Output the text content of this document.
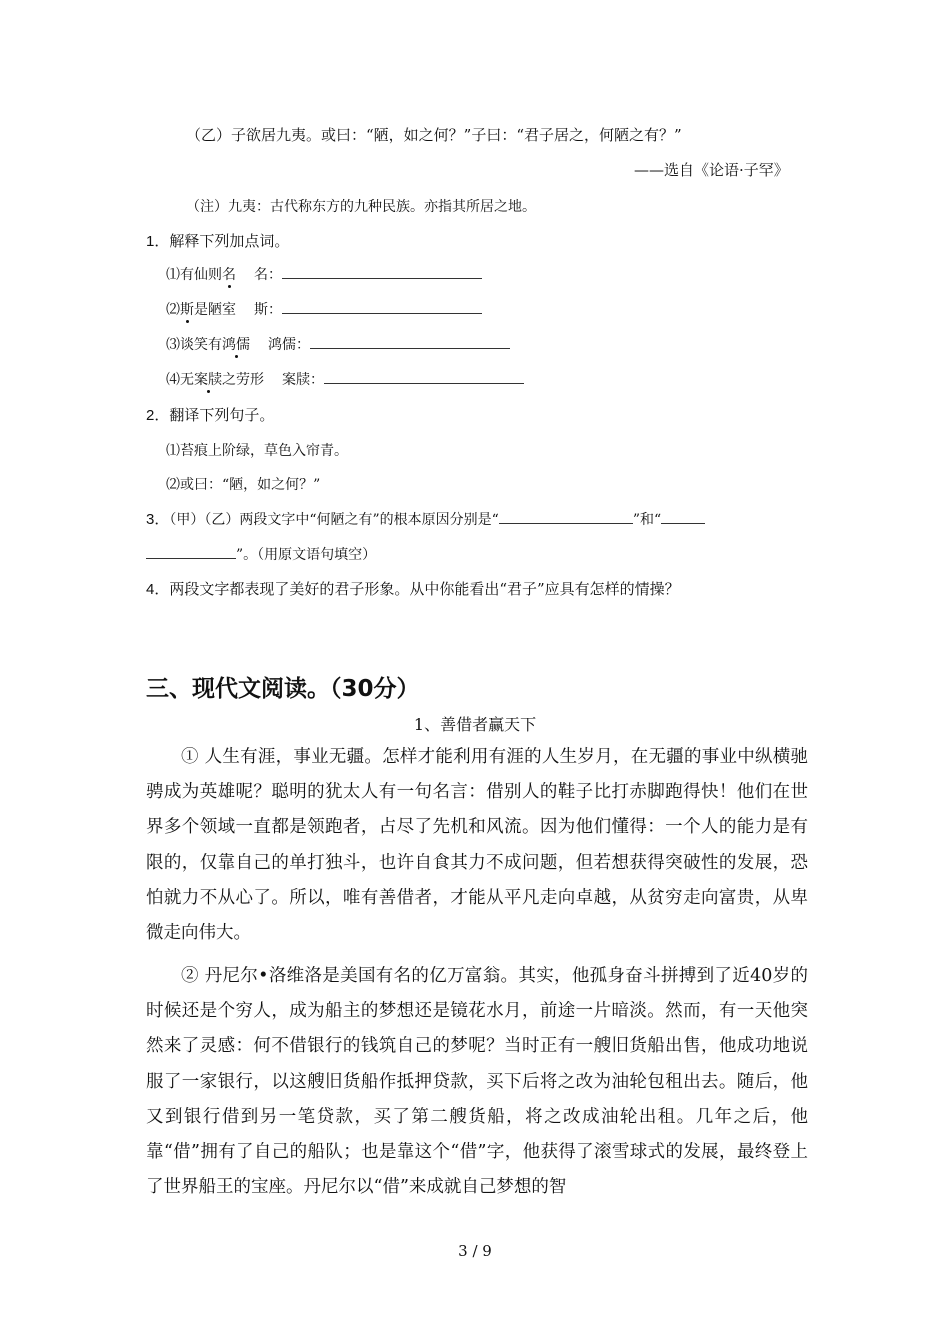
（乙）子欲居九夷。或曰：“陋，如之何？”子曰：“君子居之，何陋之有？”
——选自《论语·子罕》
（注）九夷：古代称东方的九种民族。亦指其所居之地。
1．解释下列加点词。
⑴有仙则名 名：
⑵斯是陋室 斯：
⑶谈笑有鸿儒 鸿儒：
⑷无案牍之劳形 案牍：
2．翻译下列句子。
⑴苔痕上阶绿，草色入帘青。
⑵或曰：“陋，如之何？”
3．（甲）（乙）两段文字中“何陋之有”的根本原因分别是“	”和“
”。（用原文语句填空）
4．两段文字都表现了美好的君子形象。从中你能看出“君子”应具有怎样的情操？
三、现代文阅读。（30分）
1、善借者赢天下

① 人生有涯，事业无疆。怎样才能利用有涯的人生岁月，在无疆的事业中纵横驰骋成为英雄呢？聪明的犹太人有一句名言：借别人的鞋子比打赤脚跑得快！他们在世界多个领域一直都是领跑者，占尽了先机和风流。因为他们懂得：一个人的能力是有限的，仅靠自己的单打独斗，也许自食其力不成问题，但若想获得突破性的发展，恐怕就力不从心了。所以，唯有善借者，才能从平凡走向卓越，从贫穷走向富贵，从卑微走向伟大。

② 丹尼尔•洛维洛是美国有名的亿万富翁。其实，他孤身奋斗拼搏到了近40岁的时候还是个穷人，成为船主的梦想还是镜花水月，前途一片暗淡。然而，有一天他突然来了灵感：何不借银行的钱筑自己的梦呢？当时正有一艘旧货船出售，他成功地说服了一家银行，以这艘旧货船作抵押贷款，买下后将之改为油轮包租出去。随后，他又到银行借到另一笔贷款，买了第二艘货船，将之改成油轮出租。几年之后，他靠“借”拥有了自己的船队；也是靠这个“借”字，他获得了滚雪球式的发展，最终登上了世界船王的宝座。丹尼尔以“借”来成就自己梦想的智

3 / 9
